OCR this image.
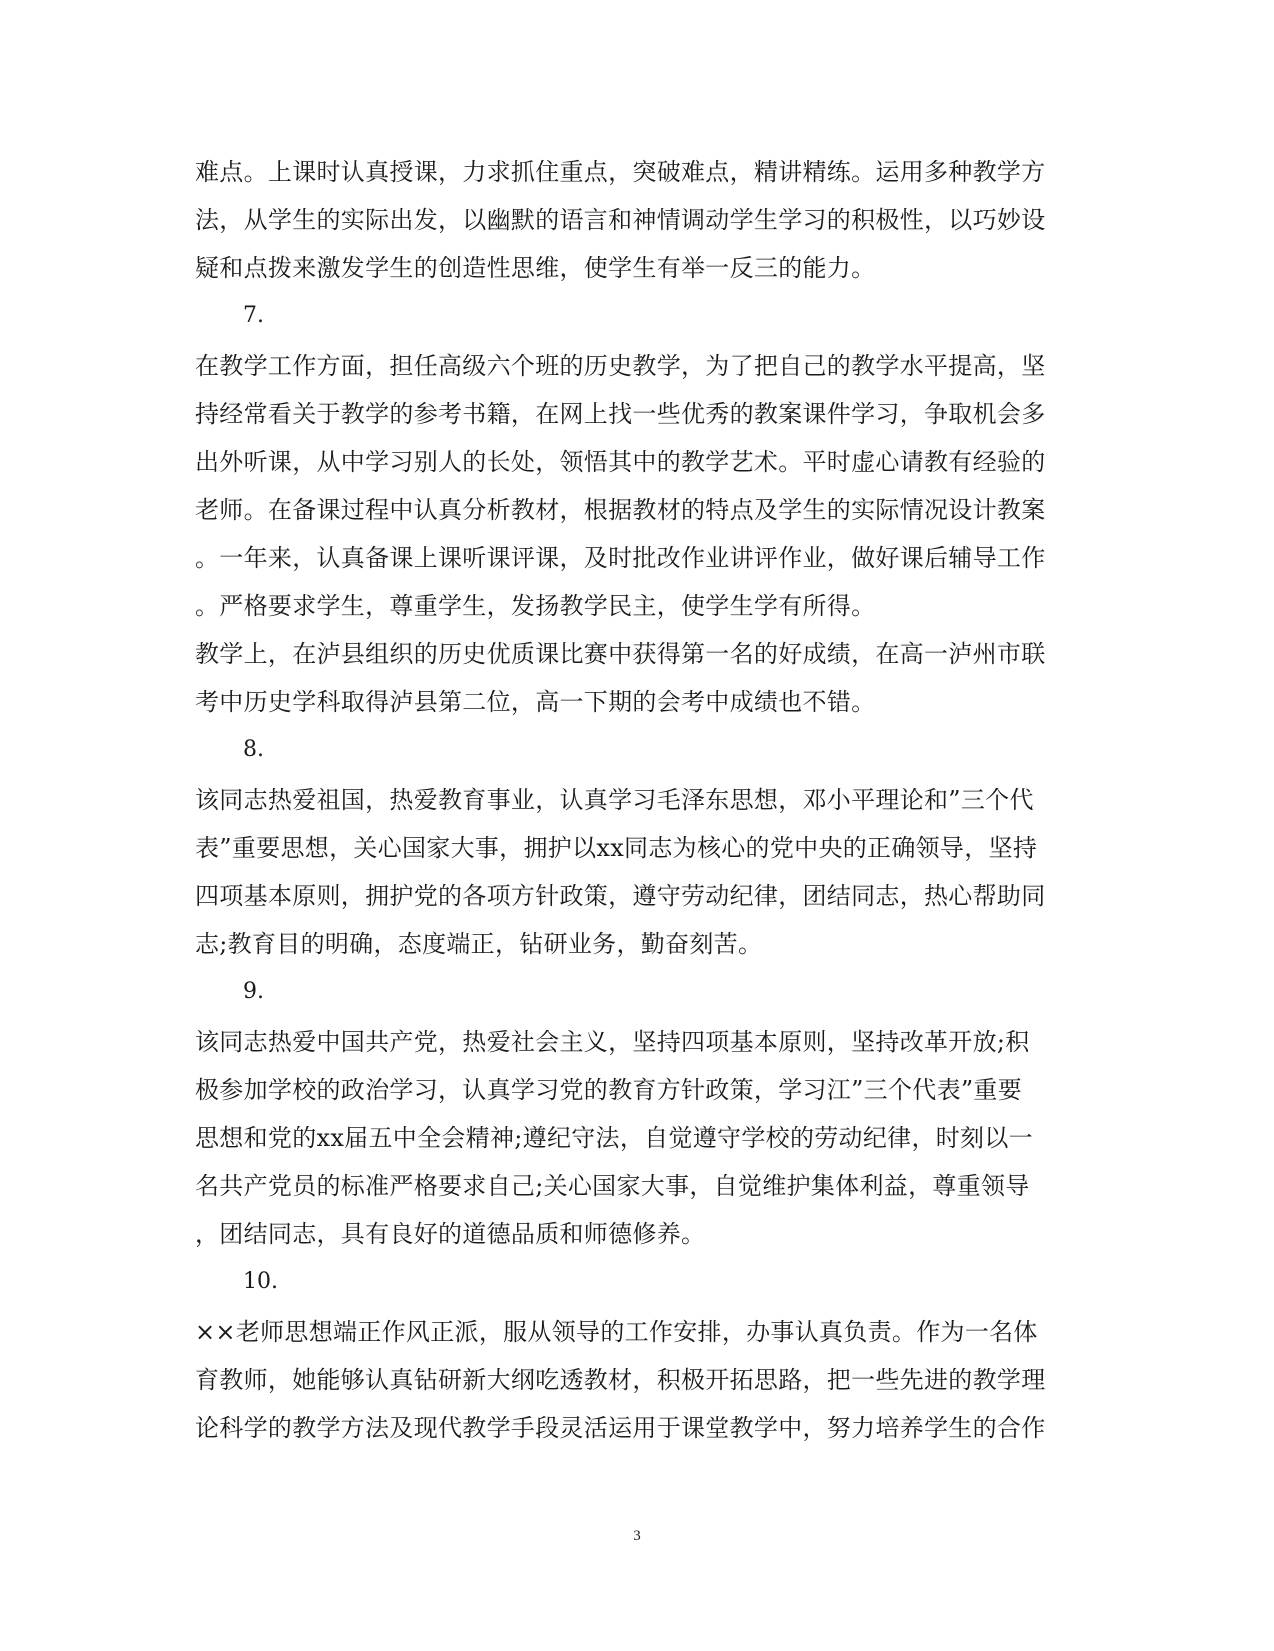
难点。上课时认真授课，力求抓住重点，突破难点，精讲精练。运用多种教学方
法，从学生的实际出发，以幽默的语言和神情调动学生学习的积极性，以巧妙设
疑和点拨来激发学生的创造性思维，使学生有举一反三的能力。
7.
在教学工作方面，担任高级六个班的历史教学，为了把自己的教学水平提高，坚
持经常看关于教学的参考书籍，在网上找一些优秀的教案课件学习，争取机会多
出外听课，从中学习别人的长处，领悟其中的教学艺术。平时虚心请教有经验的
老师。在备课过程中认真分析教材，根据教材的特点及学生的实际情况设计教案
。一年来，认真备课上课听课评课，及时批改作业讲评作业，做好课后辅导工作
。严格要求学生，尊重学生，发扬教学民主，使学生学有所得。
教学上，在泸县组织的历史优质课比赛中获得第一名的好成绩，在高一泸州市联
考中历史学科取得泸县第二位，高一下期的会考中成绩也不错。
8.
该同志热爱祖国，热爱教育事业，认真学习毛泽东思想，邓小平理论和”三个代
表”重要思想，关心国家大事，拥护以xx同志为核心的党中央的正确领导，坚持
四项基本原则，拥护党的各项方针政策，遵守劳动纪律，团结同志，热心帮助同
志;教育目的明确，态度端正，钻研业务，勤奋刻苦。
9.
该同志热爱中国共产党，热爱社会主义，坚持四项基本原则，坚持改革开放;积
极参加学校的政治学习，认真学习党的教育方针政策，学习江”三个代表”重要
思想和党的xx届五中全会精神;遵纪守法，自觉遵守学校的劳动纪律，时刻以一
名共产党员的标准严格要求自己;关心国家大事，自觉维护集体利益，尊重领导
，团结同志，具有良好的道德品质和师德修养。
10.
××老师思想端正作风正派，服从领导的工作安排，办事认真负责。作为一名体
育教师，她能够认真钻研新大纲吃透教材，积极开拓思路，把一些先进的教学理
论科学的教学方法及现代教学手段灵活运用于课堂教学中，努力培养学生的合作
3
